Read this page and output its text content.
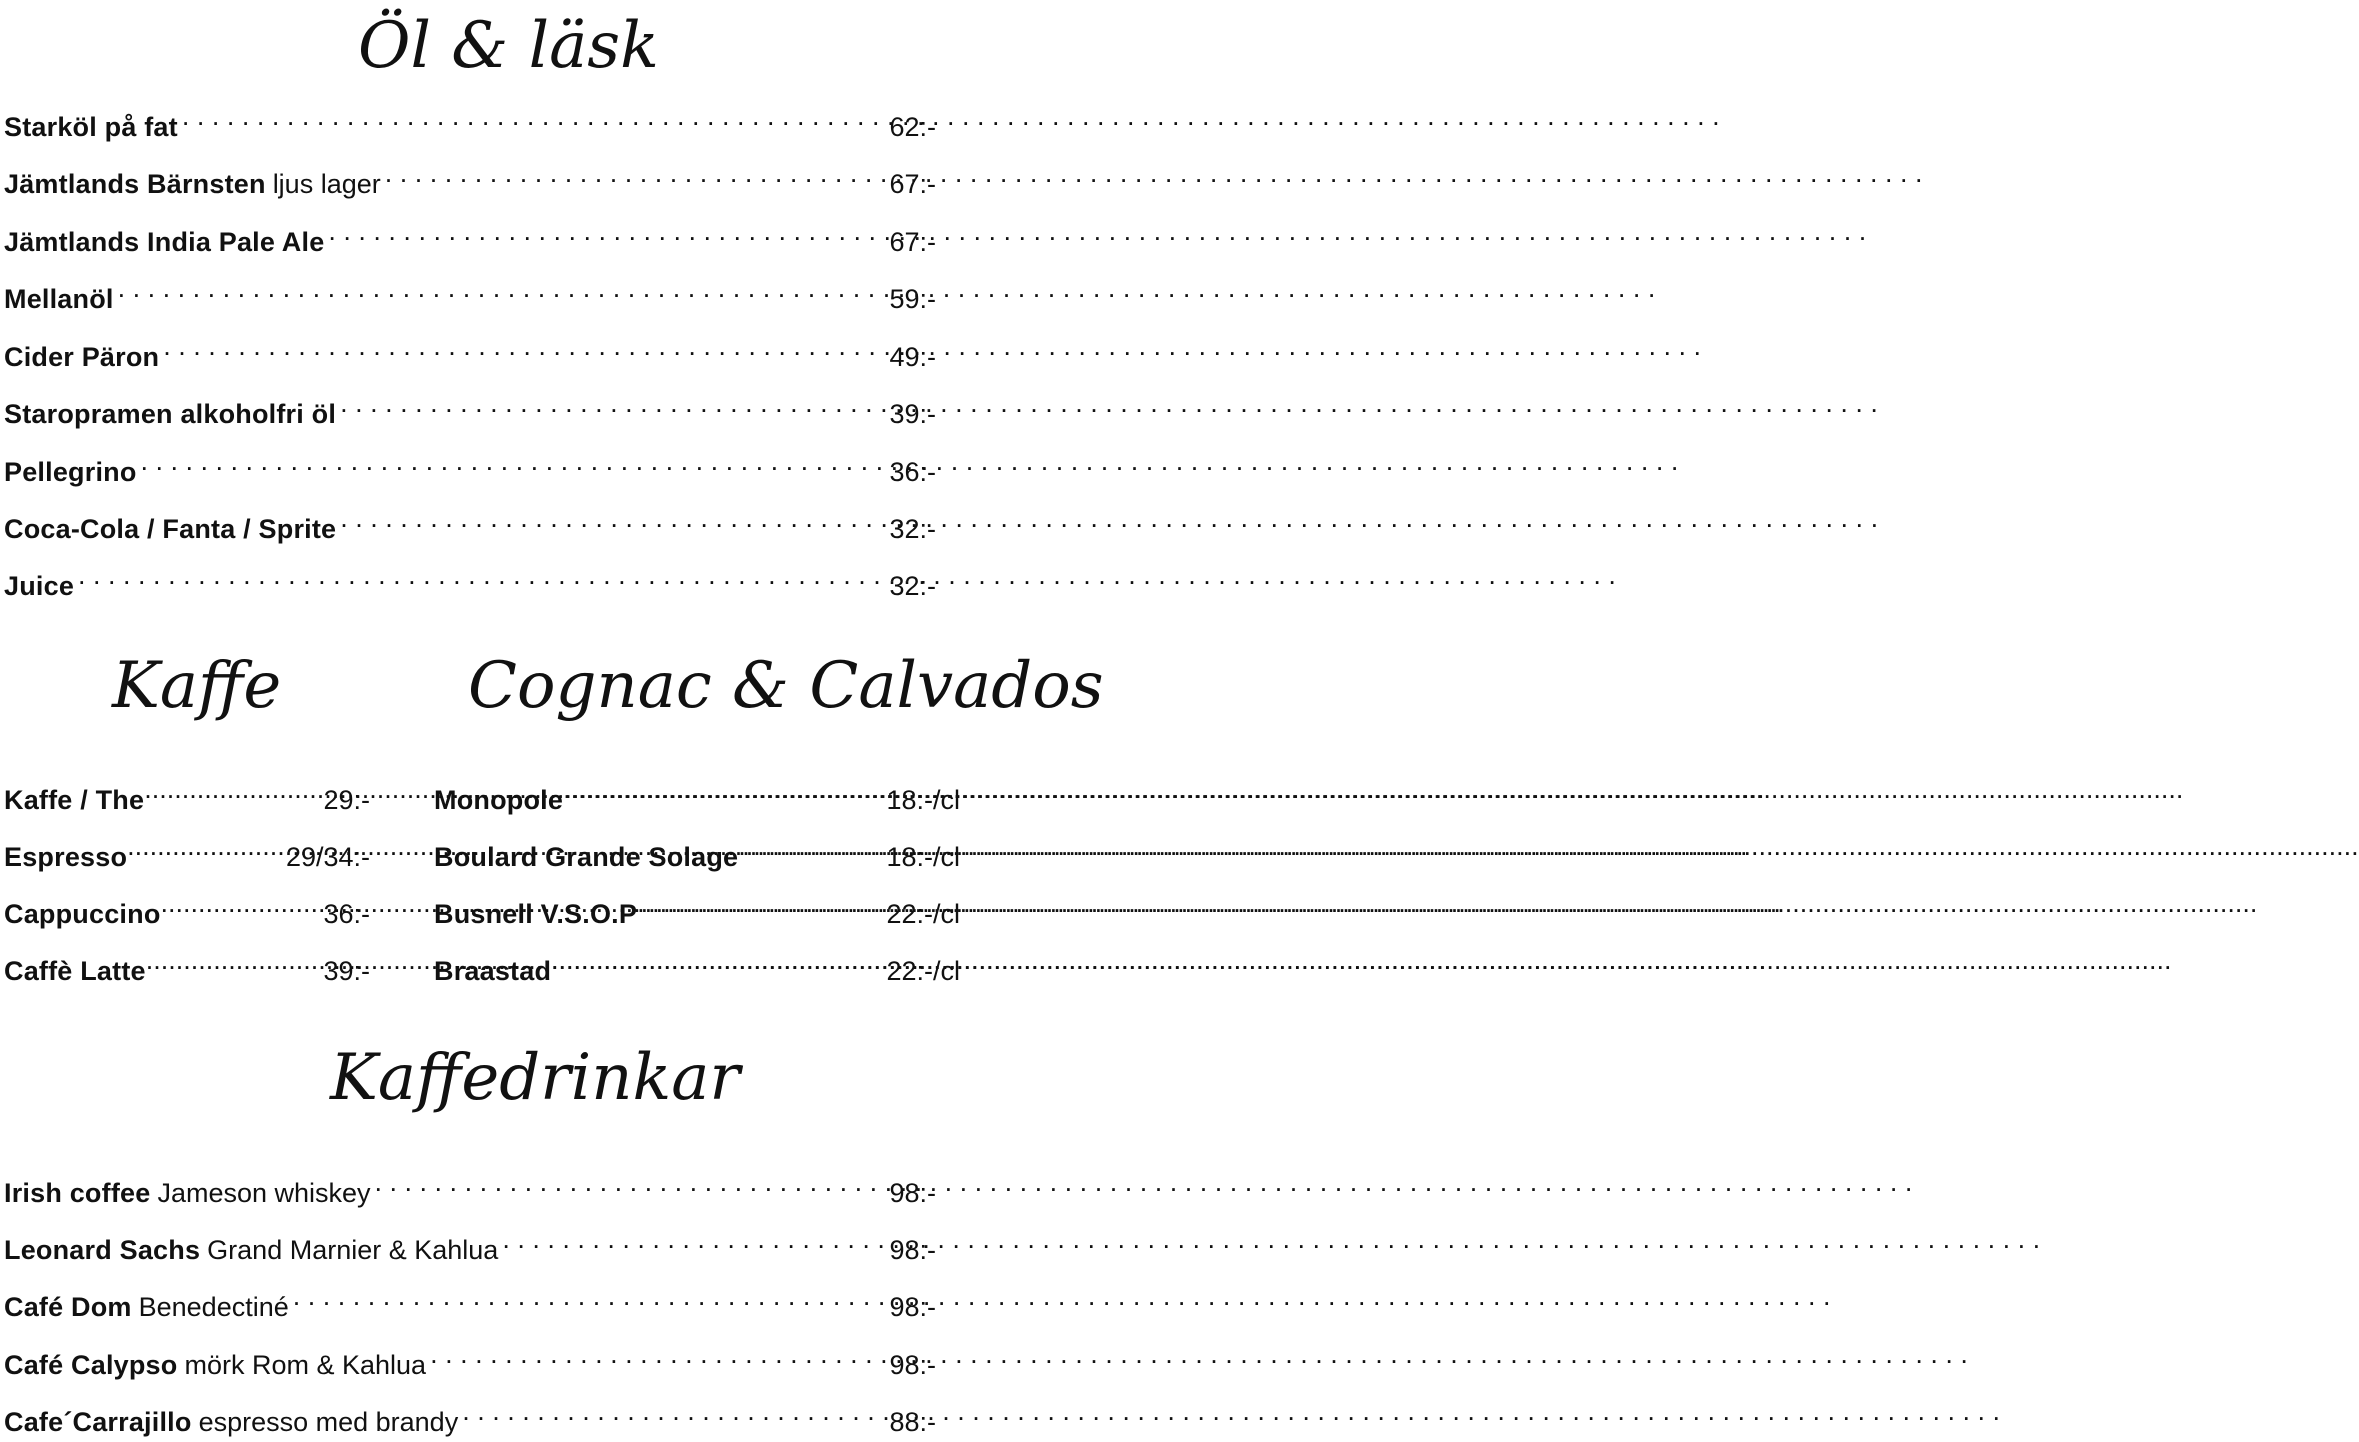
Öl & läsk
Starköl på fat . . .	62:-
Jämtlands Bärnsten ljus lager . . .	67:-
Jämtlands India Pale Ale . . .	67:-
Mellanöl . . .	59:-
Cider Päron . . .	49:-
Staropramen alkoholfri öl . . .	39:-
Pellegrino . . .	36:-
Coca-Cola / Fanta / Sprite . . .	32:-
Juice . . .	32:-
Kaffe
Kaffe / The .....	29:-
Espresso .....	29/34:-
Cappuccino .....	36:-
Caffè Latte .....	39:-
Cognac & Calvados
Monopole .....	18:-/cl
Boulard Grande Solage .....	18:-/cl
Busnell V.S.O.P .....	22:-/cl
Braastad .....	22:-/cl
Kaffedrinkar
Irish coffee Jameson whiskey . . .	98:-
Leonard Sachs Grand Marnier & Kahlua . . .	98:-
Café Dom Benedectiné . . .	98:-
Café Calypso mörk Rom & Kahlua . . .	98:-
Cafe´Carrajillo espresso med brandy . . .	88:-
